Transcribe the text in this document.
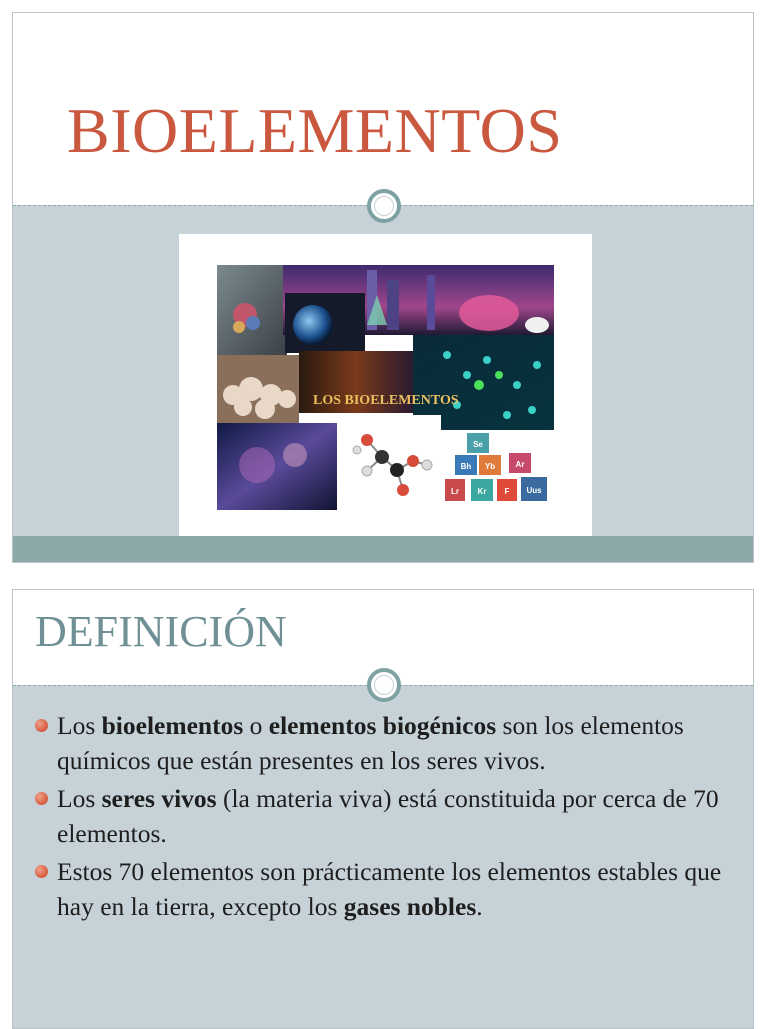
BIOELEMENTOS
LOS BIOELEMENTOS
Se
Bh Yb	Ar
Lr Kr F Uus
DEFINICIÓN
Los bioelementos o elementos biogénicos son los elementos químicos que están presentes en los seres vivos.
Los seres vivos (la materia viva) está constituida por cerca de 70 elementos.
Estos 70 elementos son prácticamente los elementos estables que hay en la tierra, excepto los gases nobles.
